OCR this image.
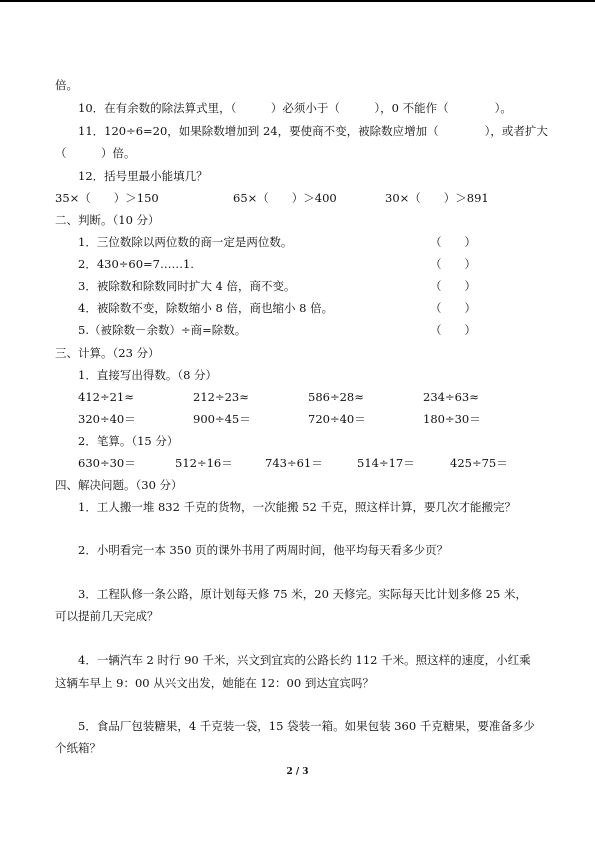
倍。
10．在有余数的除法算式里，（　　　）必须小于（　　　），0 不能作（　　　　）。
11．120÷6=20，如果除数增加到 24，要使商不变，被除数应增加（　　　　），或者扩大
（　　　）倍。
12．括号里最小能填几？
35×（　　）＞150	65×（　　）＞400	30×（　　）＞891
二、判断。（10 分）
1．三位数除以两位数的商一定是两位数。	（　　）
2．430÷60=7……1.	（　　）
3．被除数和除数同时扩大 4 倍，商不变。	（　　）
4．被除数不变，除数缩小 8 倍，商也缩小 8 倍。	（　　）
5.（被除数－余数）÷商=除数。	（　　）
三、计算。（23 分）
1．直接写出得数。（8 分）
412÷21≈	212÷23≈	586÷28≈	234÷63≈
320÷40＝	900÷45＝	720÷40＝	180÷30＝
2．笔算。（15 分）
630÷30＝	512÷16＝	743÷61＝	514÷17＝	425÷75＝
四、解决问题。（30 分）
1．工人搬一堆 832 千克的货物，一次能搬 52 千克，照这样计算，要几次才能搬完？
2．小明看完一本 350 页的课外书用了两周时间，他平均每天看多少页？
3．工程队修一条公路，原计划每天修 75 米，20 天修完。实际每天比计划多修 25 米，
可以提前几天完成？
4．一辆汽车 2 时行 90 千米，兴文到宜宾的公路长约 112 千米。照这样的速度，小红乘
这辆车早上 9：00 从兴文出发，她能在 12：00 到达宜宾吗？
5．食品厂包装糖果，4 千克装一袋，15 袋装一箱。如果包装 360 千克糖果，要准备多少
个纸箱？
2 / 3
